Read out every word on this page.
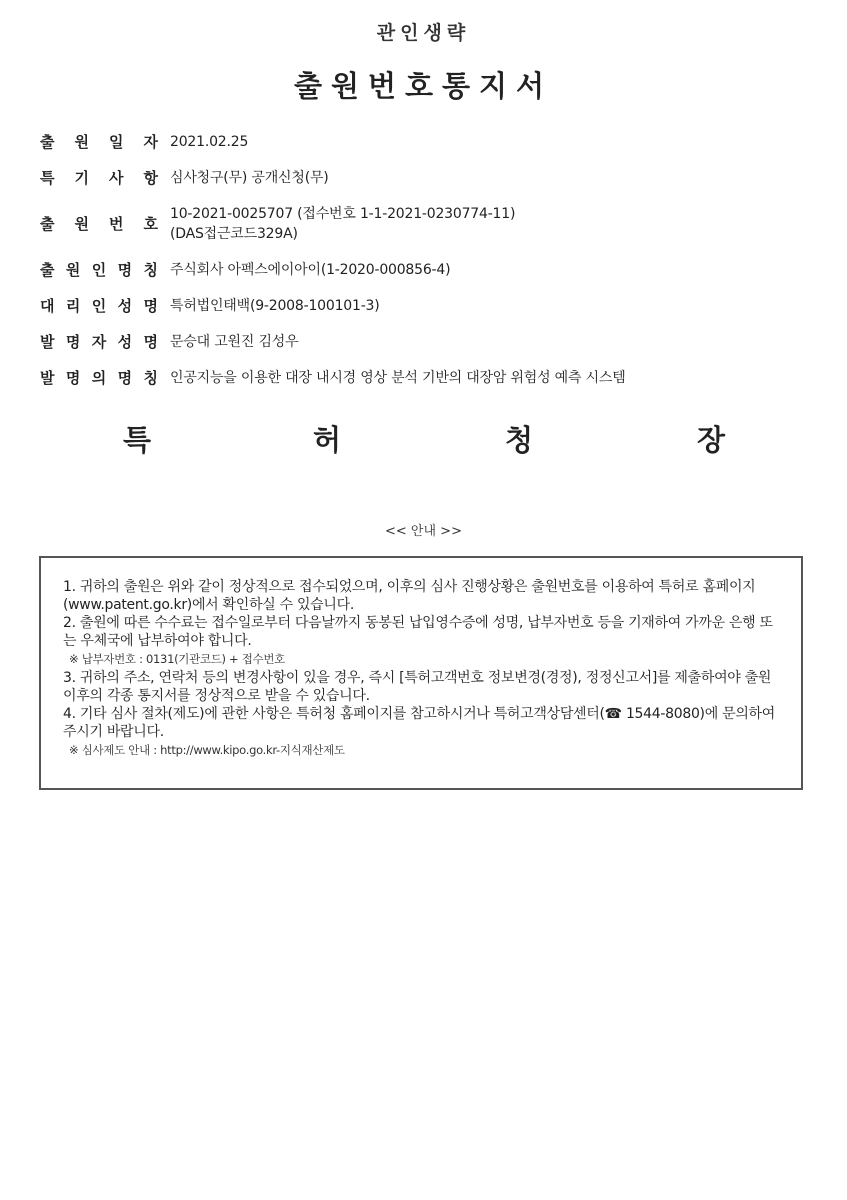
관인생략
출원번호통지서
출 원 일 자 2021.02.25
특 기 사 항 심사청구(무) 공개신청(무)
출 원 번 호
10-2021-0025707 (접수번호 1-1-2021-0230774-11)
(DAS접근코드329A)
출 원 인 명 칭 주식회사 아펙스에이아이(1-2020-000856-4)
대 리 인 성 명 특허법인태백(9-2008-100101-3)
발 명 자 성 명 문승대 고원진 김성우
발 명 의 명 칭 인공지능을 이용한 대장 내시경 영상 분석 기반의 대장암 위험성 예측 시스템
특	허	청	장
<< 안내 >>

1. 귀하의 출원은 위와 같이 정상적으로 접수되었으며, 이후의 심사 진행상황은 출원번호를 이용하여 특허로 홈페이지(www.patent.go.kr)에서 확인하실 수 있습니다.

2. 출원에 따른 수수료는 접수일로부터 다음날까지 동봉된 납입영수증에 성명, 납부자번호 등을 기재하여 가까운 은행 또는 우체국에 납부하여야 합니다.

※ 납부자번호 : 0131(기관코드) + 접수번호

3. 귀하의 주소, 연락처 등의 변경사항이 있을 경우, 즉시 [특허고객번호 정보변경(경정), 정정신고서]를 제출하여야 출원 이후의 각종 통지서를 정상적으로 받을 수 있습니다.

4. 기타 심사 절차(제도)에 관한 사항은 특허청 홈페이지를 참고하시거나 특허고객상담센터(☎ 1544-8080)에 문의하여 주시기 바랍니다.

※ 심사제도 안내 : http://www.kipo.go.kr-지식재산제도
